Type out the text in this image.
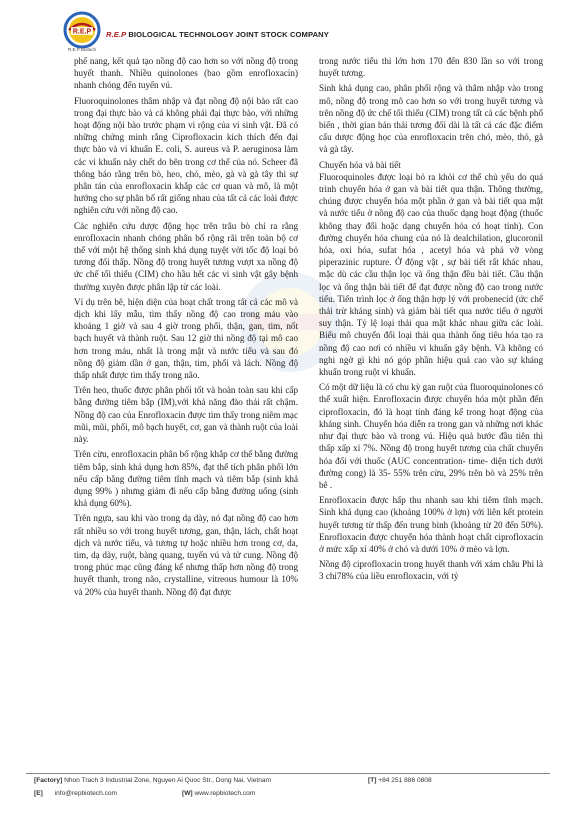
R.E.P
R.E.P Biotech
R.E.P BIOLOGICAL TECHNOLOGY JOINT STOCK COMPANY

phế nang, kết quả tạo nồng độ cao hơn so với nồng độ trong huyết thanh. Nhiều quinolones (bao gồm enrofloxacin) nhanh chóng đến tuyến vú.

Fluoroquinolones thâm nhập và đạt nồng độ nội bào rất cao trong đại thực bào và cả không phải đại thực bào, với những hoạt động nội bào trước phạm vi rộng của vi sinh vật. Đã có những chứng minh rằng Ciprofloxacin kích thích đến đại thực bào và vi khuẩn E. coli, S. aureus và P. aeruginosa làm các vi khuẩn này chết do bên trong cơ thể của nó. Scheer đã thông báo rằng trên bò, heo, chó, mèo, gà và gà tây thì sự phân tán của enrofloxacin khắp các cơ quan và mô, là một hướng cho sự phân bổ rất giống nhau của tất cả các loài được nghiên cứu với nồng độ cao.

Các nghiên cứu dược động học trên trâu bò chỉ ra rằng enrofloxacin nhanh chóng phân bố rộng rãi trên toàn bộ cơ thể với một hệ thống sinh khả dụng tuyệt vời tốc độ loại bỏ tương đối thấp. Nồng độ trong huyết tương vượt xa nồng độ ức chế tối thiểu (CIM) cho hầu hết các vi sinh vật gây bệnh thường xuyên được phân lập từ các loài.

Ví dụ trên bê, hiện diện của hoạt chất trong tất cả các mô và dịch khi lấy mẫu, tìm thấy nồng độ cao trong máu vào khoảng 1 giờ và sau 4 giờ trong phổi, thận, gan, tim, nốt bạch huyết và thành ruột. Sau 12 giờ thì nồng độ tại mô cao hơn trong máu, nhất là trong mật và nước tiểu và sau đó nồng độ giảm dần ở gan, thận, tim, phổi và lách. Nồng độ thấp nhất được tìm thấy trong não.

Trên heo, thuốc được phân phối tốt và hoàn toàn sau khi cấp bằng đường tiêm bắp (IM),với khả năng đào thải rất chậm. Nồng độ cao của Enrofloxacin được tìm thấy trong niêm mạc mũi, mũi, phổi, mô bạch huyết, cơ, gan và thành ruột của loài này.

Trên cừu, enrofloxacin phân bố rộng khắp cơ thể bằng đường tiêm bắp, sinh khả dụng hơn 85%, đạt thể tích phân phối lớn nếu cấp bằng đường tiêm tĩnh mạch và tiêm bắp (sinh khả dụng 99% ) nhưng giảm đi nếu cấp bằng đường uống (sinh khả dụng 60%).

Trên ngựa, sau khi vào trong dạ dày, nó đạt nồng độ cao hơn rất nhiều so với trong huyết tương, gan, thận, lách, chất hoạt dịch và nước tiểu, và tương tự hoặc nhiều hơn trong cơ, da, tim, dạ dày, ruột, bàng quang, tuyến vú và tử cung. Nồng độ trong phúc mạc cũng đáng kể nhưng thấp hơn nồng độ trong huyết thanh, trong não, crystalline, vitreous humour là 10% và 20% của huyết thanh. Nồng độ đạt được

trong nước tiểu thì lớn hơn 170 đến 830 lần so với trong huyết tương.

Sinh khả dụng cao, phân phối rộng và thâm nhập vào trong mô, nồng độ trong mô cao hơn so với trong huyết tương và trên nồng độ ức chế tối thiểu (CIM) trong tất cả các bệnh phổ biến , thời gian bán thải tương đối dài là tất cả các đặc điểm cấu dược động học của enrofloxacin trên chó, mèo, thỏ, gà và gà tây.

Chuyển hóa và bài tiết

Fluoroquinoles được loại bỏ ra khỏi cơ thể chủ yếu do quá trình chuyển hóa ở gan và bài tiết qua thận. Thông thường, chúng được chuyển hóa một phần ở gan và bài tiết qua mật và nước tiểu ở nồng độ cao của thuốc dạng hoạt động (thuốc không thay đổi hoặc dạng chuyển hóa có hoạt tính). Con đường chuyển hóa chung của nó là dealchilation, glucoronil hóa, oxi hóa, sufat hóa , acetyl hóa và phá vỡ vòng piperazinic rupture. Ở động vật , sự bài tiết rất khác nhau, mặc dù các cầu thận lọc và ống thận đều bài tiết. Cầu thận lọc và ống thận bài tiết để đạt được nồng độ cao trong nước tiểu. Tiến trình lọc ở ống thận hợp lý với probenecid (ức chế thải trừ kháng sinh) và giảm bài tiết qua nước tiểu ở người suy thận. Tỷ lệ loại thải qua mật khác nhau giữa các loài. Biểu mô chuyển đổi loại thải qua thành ống tiêu hóa tạo ra nồng độ cao nơi có nhiều vi khuẩn gây bệnh. Và không có nghi ngờ gì khi nó góp phần hiệu quả cao vào sự kháng khuẩn trong ruột vi khuẩn.

Có một dữ liệu là có chu kỳ gan ruột của fluoroquinolones có thể xuất hiện. Enrofloxacin được chuyển hóa một phần đến ciprofloxacin, đó là hoạt tính đáng kể trong hoạt động của kháng sinh. Chuyển hóa diễn ra trong gan và những nơi khác như đại thực bào và trong vú. Hiệu quả bước đầu tiên thì thấp xấp xỉ 7%. Nồng độ trong huyết tương của chất chuyển hóa đối với thuốc (AUC concentration- time- diện tích dưới đường cong) là 35- 55% trên cừu, 29% trên bò và 25% trên bê .

Enrofloxacin được hấp thu nhanh sau khi tiêm tĩnh mạch. Sinh khả dụng cao (khoảng 100% ở lợn) với liên kết protein huyết tương từ thấp đến trung bình (khoảng từ 20 đến 50%). Enrofloxacin được chuyển hóa thành hoạt chất ciprofloxacin ở mức xấp xỉ 40% ở chó và dưới 10% ở mèo và lợn.

Nồng độ ciprofloxacin trong huyết thanh với xám châu Phi là 3 chi78% của liều enrofloxacin, với tỷ

[Factory] Nhon Trach 3 Industrial Zone, Nguyen Ai Quoc Str., Dong Nai, Vietnam	[T] +84 251 886 0808
[E] info@repbiotech.com	[W] www.repbiotech.com
